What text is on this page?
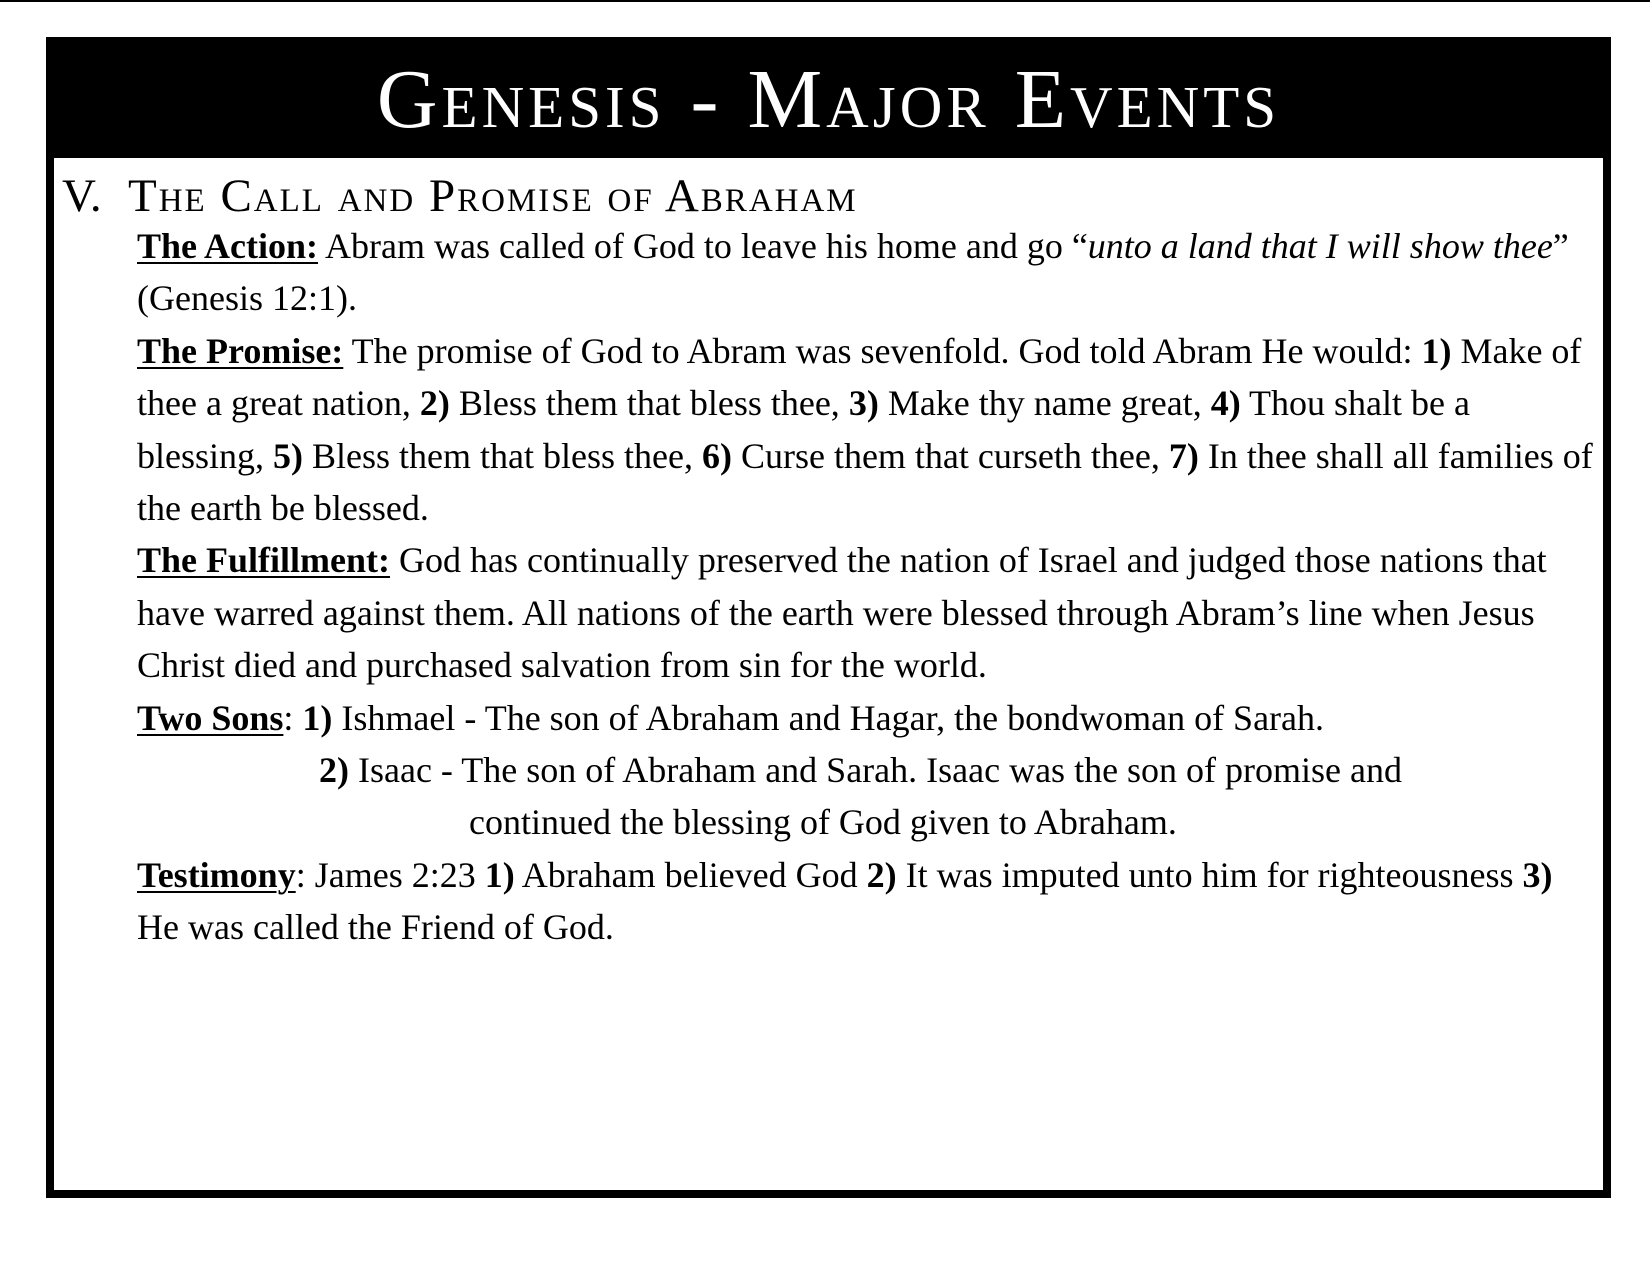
Genesis - Major Events
V. The Call and Promise of Abraham

The Action: Abram was called of God to leave his home and go “unto a land that I will show thee” (Genesis 12:1).

The Promise: The promise of God to Abram was sevenfold. God told Abram He would: 1) Make of thee a great nation, 2) Bless them that bless thee, 3) Make thy name great, 4) Thou shalt be a blessing, 5) Bless them that bless thee, 6) Curse them that curseth thee, 7) In thee shall all families of the earth be blessed.

The Fulfillment: God has continually preserved the nation of Israel and judged those nations that have warred against them. All nations of the earth were blessed through Abram’s line when Jesus Christ died and purchased salvation from sin for the world.

Two Sons: 1) Ishmael - The son of Abraham and Hagar, the bondwoman of Sarah.

2) Isaac - The son of Abraham and Sarah. Isaac was the son of promise and

continued the blessing of God given to Abraham.

Testimony: James 2:23 1) Abraham believed God 2) It was imputed unto him for righteousness 3) He was called the Friend of God.
